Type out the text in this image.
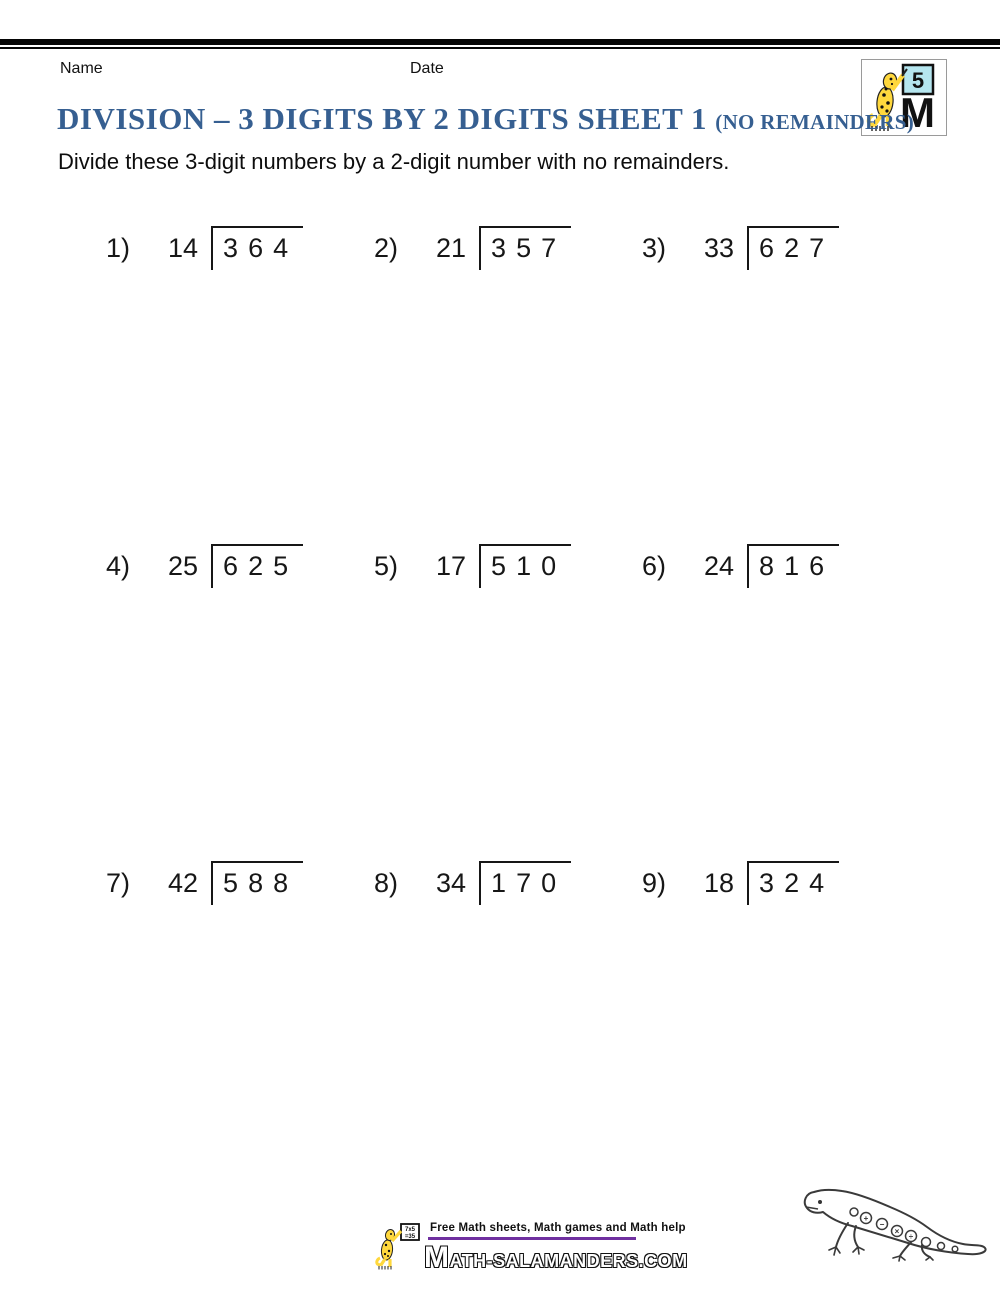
Name	Date	5
M
DIVISION – 3 DIGITS BY 2 DIGITS SHEET 1 (NO REMAINDERS)
Divide these 3-digit numbers by a 2-digit number with no remainders.
1)	14 364	2)	21 357	3)	33 627
4)	25 625	5)	17 510	6)	24 816
7)	42 588	8)	34 170	9)	18 324
7x5
=35
Free Math sheets, Math games and Math help
MATH-SALAMANDERS.COM
+
−
×
÷
